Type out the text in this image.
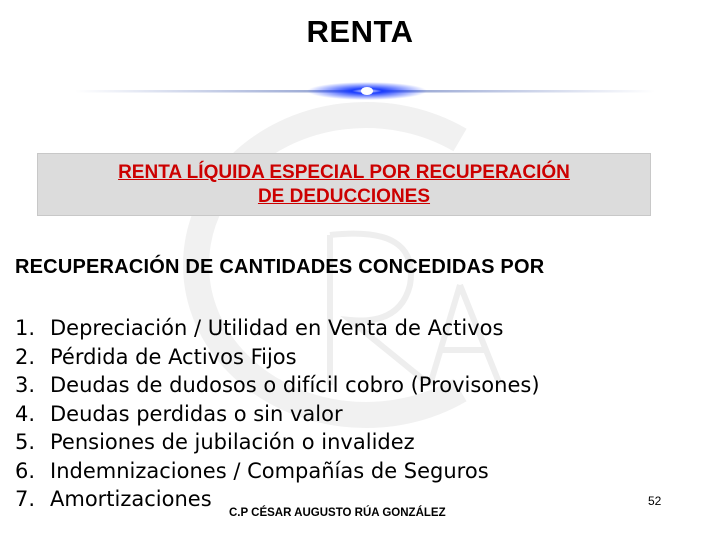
RENTA
RENTA LÍQUIDA ESPECIAL POR RECUPERACIÓN
DE DEDUCCIONES
RECUPERACIÓN DE CANTIDADES CONCEDIDAS POR
1. Depreciación / Utilidad en Venta de Activos
2. Pérdida de Activos Fijos
3. Deudas de dudosos o difícil cobro (Provisones)
4. Deudas perdidas o sin valor
5. Pensiones de jubilación o invalidez
6. Indemnizaciones / Compañías de Seguros
7. Amortizaciones
C.P CÉSAR AUGUSTO RÚA GONZÁLEZ
52
